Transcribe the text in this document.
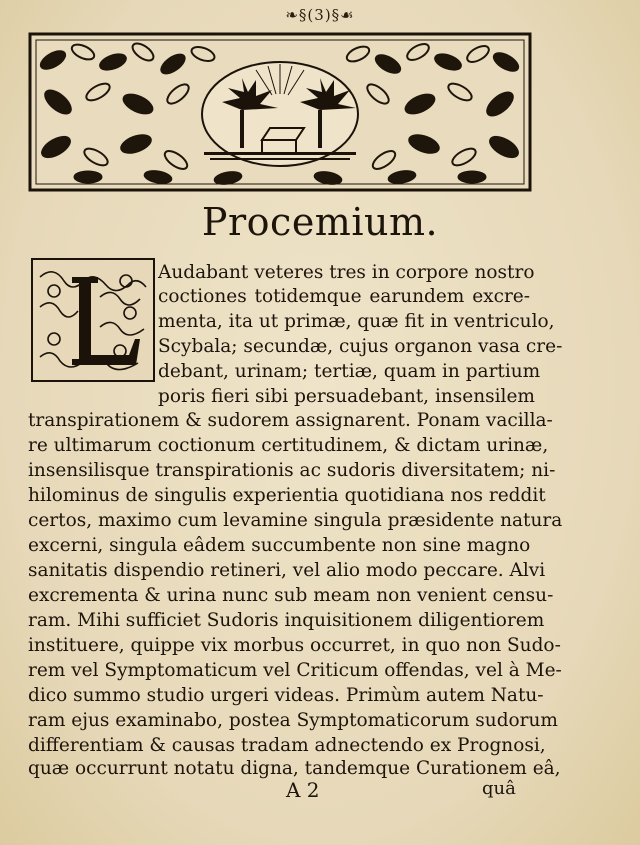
❧§(3)§☙
Procemium.
Audabant veteres tres in corpore nostro
coctiones totidemque earundem excre-
menta, ita ut primæ, quæ fit in ventriculo,
Scybala; secundæ, cujus organon vasa cre-
debant, urinam; tertiæ, quam in partium
poris fieri sibi persuadebant, insensilem
transpirationem & sudorem assignarent. Ponam vacilla-
re ultimarum coctionum certitudinem, & dictam urinæ,
insensilisque transpirationis ac sudoris diversitatem; ni-
hilominus de singulis experientia quotidiana nos reddit
certos, maximo cum levamine singula præsidente natura
excerni, singula eâdem succumbente non sine magno
sanitatis dispendio retineri, vel alio modo peccare. Alvi
excrementa & urina nunc sub meam non venient censu-
ram. Mihi sufficiet Sudoris inquisitionem diligentiorem
instituere, quippe vix morbus occurret, in quo non Sudo-
rem vel Symptomaticum vel Criticum offendas, vel à Me-
dico summo studio urgeri videas. Primùm autem Natu-
ram ejus examinabo, postea Symptomaticorum sudorum
differentiam & causas tradam adnectendo ex Prognosi,
quæ occurrunt notatu digna, tandemque Curationem eâ,
A 2	quâ
